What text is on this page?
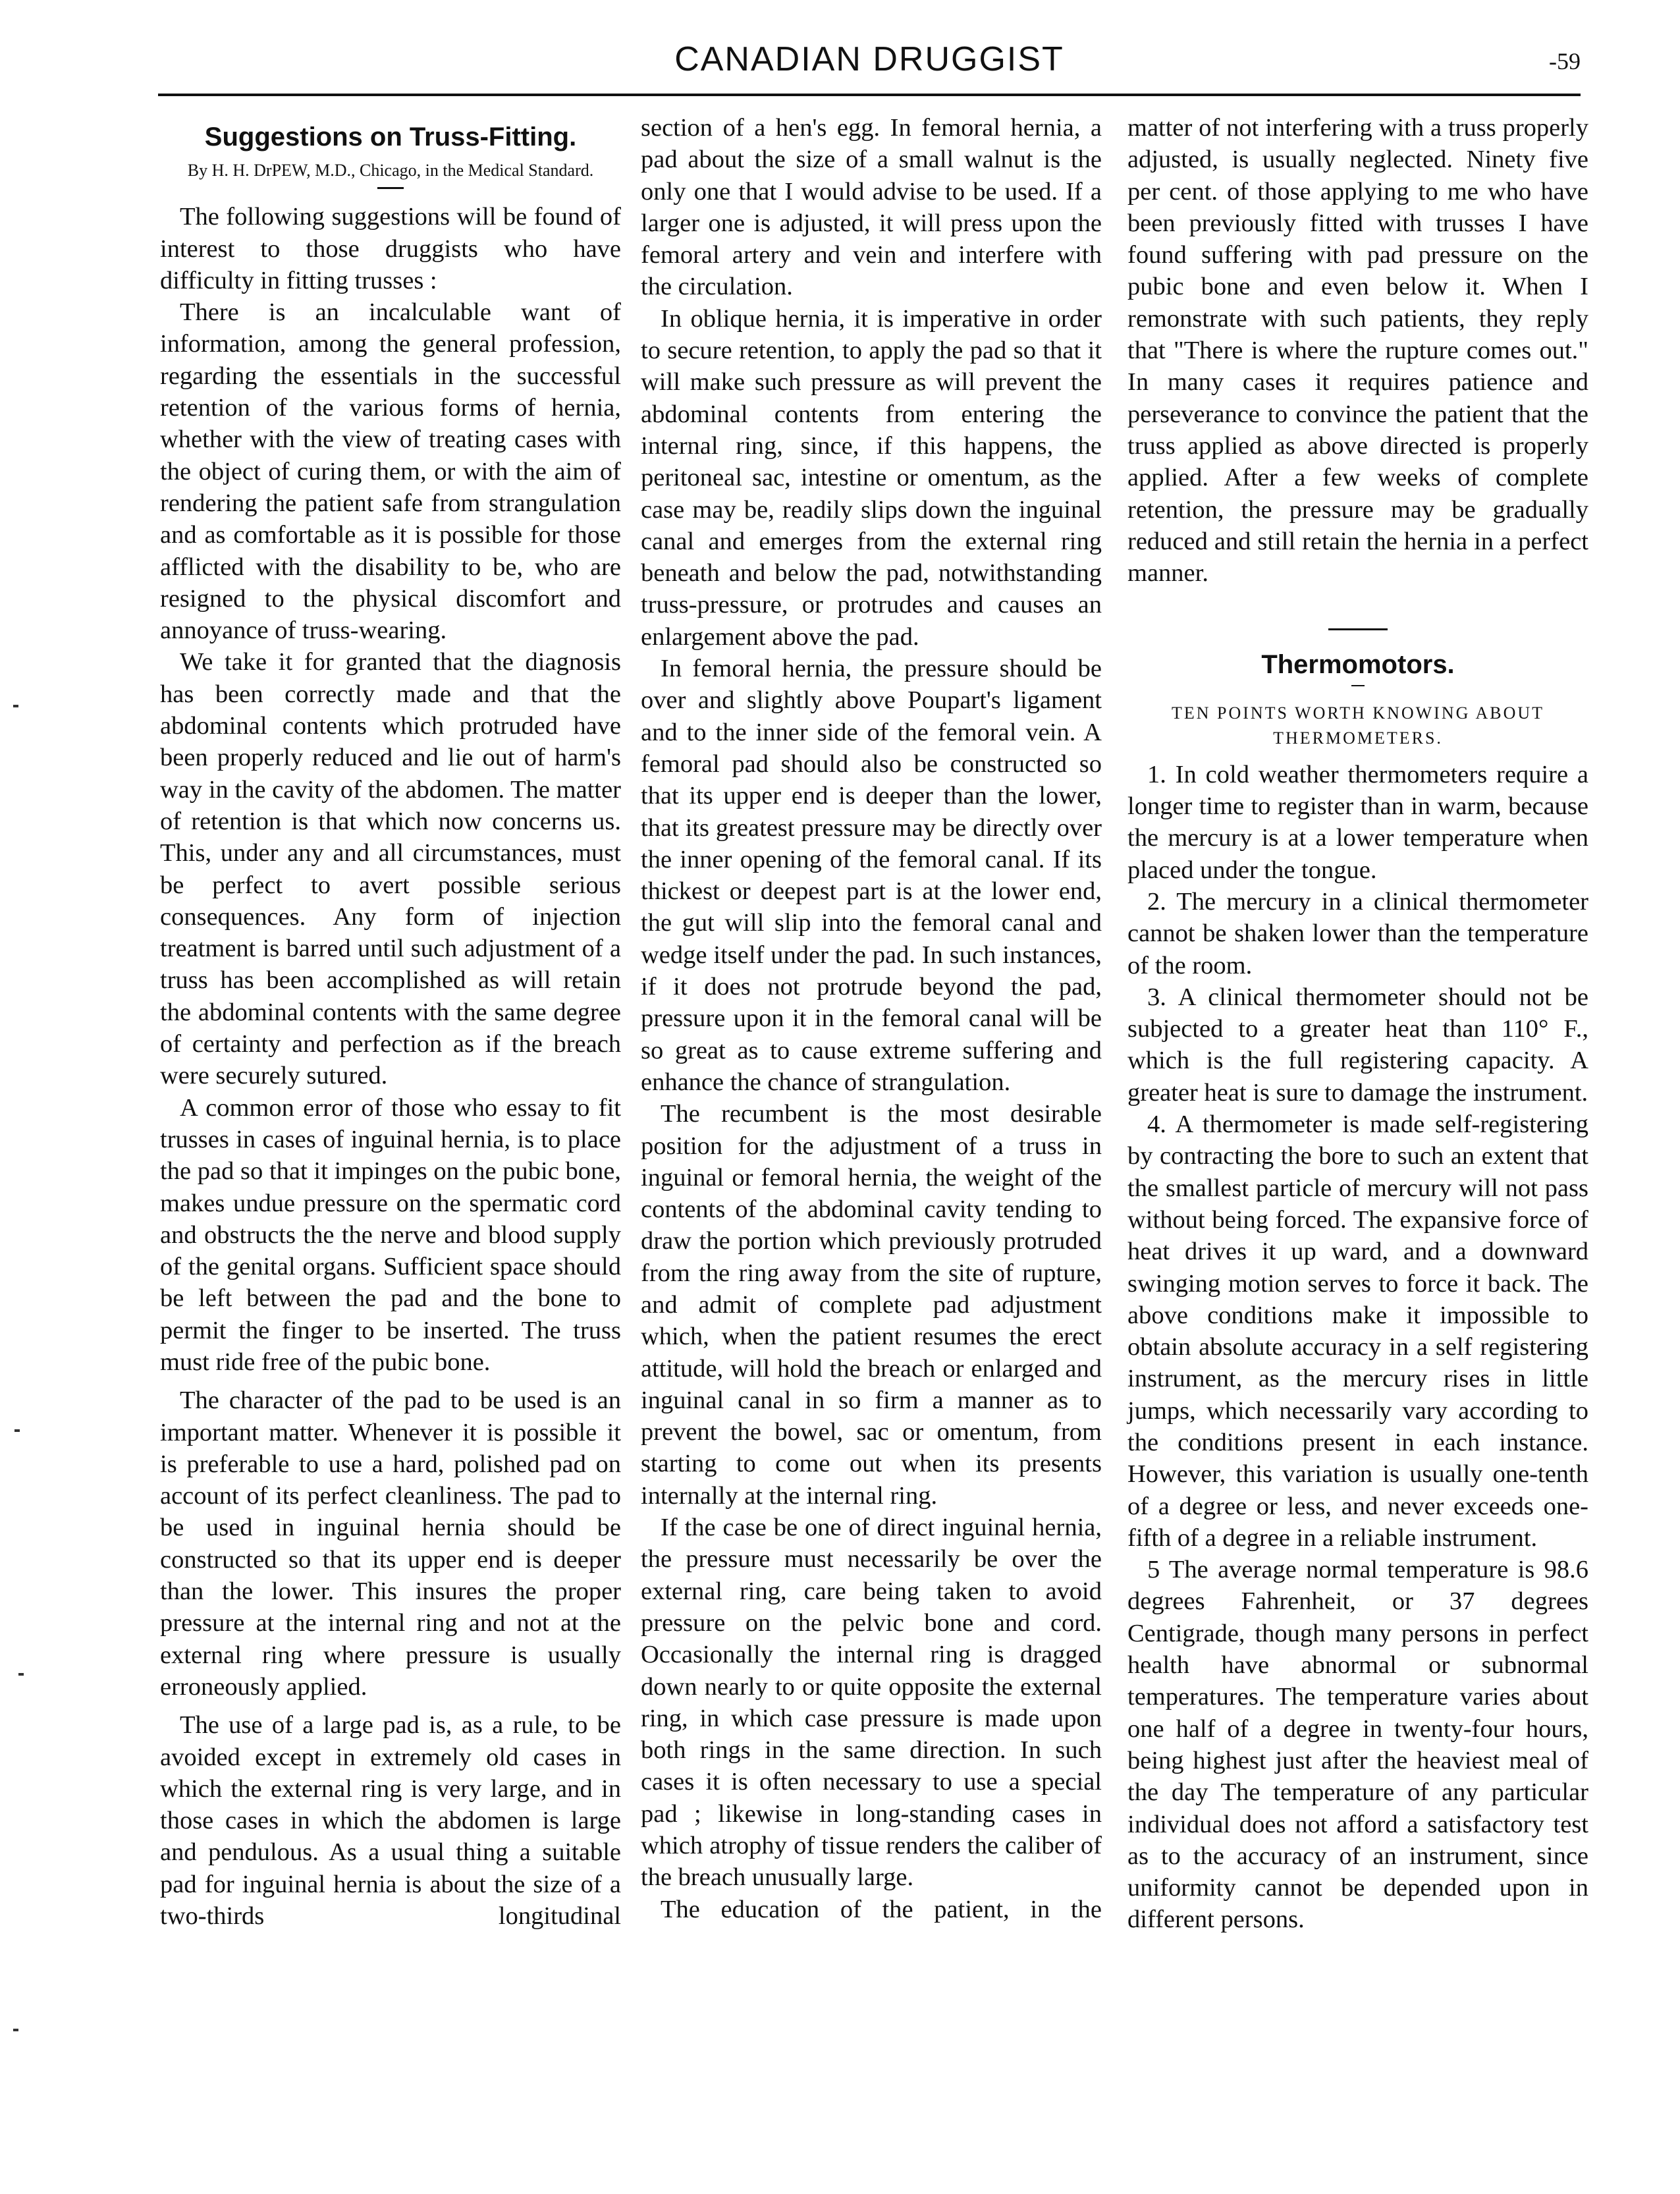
CANADIAN DRUGGIST	-59
Suggestions on Truss-Fitting.
By H. H. DrPEW, M.D., Chicago, in the Medical Standard.

The following suggestions will be found of interest to those druggists who have difficulty in fitting trusses :

There is an incalculable want of information, among the general profession, regarding the essentials in the successful retention of the various forms of hernia, whether with the view of treating cases with the object of curing them, or with the aim of rendering the patient safe from strangulation and as comfortable as it is possible for those afflicted with the disability to be, who are resigned to the physical discomfort and annoyance of truss-wearing.

We take it for granted that the diagnosis has been correctly made and that the abdominal contents which protruded have been properly reduced and lie out of harm's way in the cavity of the abdomen. The matter of retention is that which now concerns us. This, under any and all circumstances, must be perfect to avert possible serious consequences. Any form of injection treatment is barred until such adjustment of a truss has been accomplished as will retain the abdominal contents with the same degree of certainty and perfection as if the breach were securely sutured.

A common error of those who essay to fit trusses in cases of inguinal hernia, is to place the pad so that it impinges on the pubic bone, makes undue pressure on the spermatic cord and obstructs the the nerve and blood supply of the genital organs. Sufficient space should be left between the pad and the bone to permit the finger to be inserted. The truss must ride free of the pubic bone.

The character of the pad to be used is an important matter. Whenever it is possible it is preferable to use a hard, polished pad on account of its perfect cleanliness. The pad to be used in inguinal hernia should be constructed so that its upper end is deeper than the lower. This insures the proper pressure at the internal ring and not at the external ring where pressure is usually erroneously applied.

The use of a large pad is, as a rule, to be avoided except in extremely old cases in which the external ring is very large, and in those cases in which the abdomen is large and pendulous. As a usual thing a suitable pad for inguinal hernia is about the size of a two-thirds longitudinal

section of a hen's egg. In femoral hernia, a pad about the size of a small walnut is the only one that I would advise to be used. If a larger one is adjusted, it will press upon the femoral artery and vein and interfere with the circulation.

In oblique hernia, it is imperative in order to secure retention, to apply the pad so that it will make such pressure as will prevent the abdominal contents from entering the internal ring, since, if this happens, the peritoneal sac, intestine or omentum, as the case may be, readily slips down the inguinal canal and emerges from the external ring beneath and below the pad, notwithstanding truss-pressure, or protrudes and causes an enlargement above the pad.

In femoral hernia, the pressure should be over and slightly above Poupart's ligament and to the inner side of the femoral vein. A femoral pad should also be constructed so that its upper end is deeper than the lower, that its greatest pressure may be directly over the inner opening of the femoral canal. If its thickest or deepest part is at the lower end, the gut will slip into the femoral canal and wedge itself under the pad. In such instances, if it does not protrude beyond the pad, pressure upon it in the femoral canal will be so great as to cause extreme suffering and enhance the chance of strangulation.

The recumbent is the most desirable position for the adjustment of a truss in inguinal or femoral hernia, the weight of the contents of the abdominal cavity tending to draw the portion which previously protruded from the ring away from the site of rupture, and admit of complete pad adjustment which, when the patient resumes the erect attitude, will hold the breach or enlarged and inguinal canal in so firm a manner as to prevent the bowel, sac or omentum, from starting to come out when its presents internally at the internal ring.

If the case be one of direct inguinal hernia, the pressure must necessarily be over the external ring, care being taken to avoid pressure on the pelvic bone and cord. Occasionally the internal ring is dragged down nearly to or quite opposite the external ring, in which case pressure is made upon both rings in the same direction. In such cases it is often necessary to use a special pad ; likewise in long-standing cases in which atrophy of tissue renders the caliber of the breach unusually large.

The education of the patient, in the

matter of not interfering with a truss properly adjusted, is usually neglected. Ninety five per cent. of those applying to me who have been previously fitted with trusses I have found suffering with pad pressure on the pubic bone and even below it. When I remonstrate with such patients, they reply that "There is where the rupture comes out." In many cases it requires patience and perseverance to convince the patient that the truss applied as above directed is properly applied. After a few weeks of complete retention, the pressure may be gradually reduced and still retain the hernia in a perfect manner.

Thermomotors.
TEN POINTS WORTH KNOWING ABOUT THERMOMETERS.

1. In cold weather thermometers require a longer time to register than in warm, because the mercury is at a lower temperature when placed under the tongue.

2. The mercury in a clinical thermometer cannot be shaken lower than the temperature of the room.

3. A clinical thermometer should not be subjected to a greater heat than 110° F., which is the full registering capacity. A greater heat is sure to damage the instrument.

4. A thermometer is made self-registering by contracting the bore to such an extent that the smallest particle of mercury will not pass without being forced. The expansive force of heat drives it up ward, and a downward swinging motion serves to force it back. The above conditions make it impossible to obtain absolute accuracy in a self registering instrument, as the mercury rises in little jumps, which necessarily vary according to the conditions present in each instance. However, this variation is usually one-tenth of a degree or less, and never exceeds one-fifth of a degree in a reliable instrument.

5 The average normal temperature is 98.6 degrees Fahrenheit, or 37 degrees Centigrade, though many persons in perfect health have abnormal or subnormal temperatures. The temperature varies about one half of a degree in twenty-four hours, being highest just after the heaviest meal of the day The temperature of any particular individual does not afford a satisfactory test as to the accuracy of an instrument, since uniformity cannot be depended upon in different persons.
